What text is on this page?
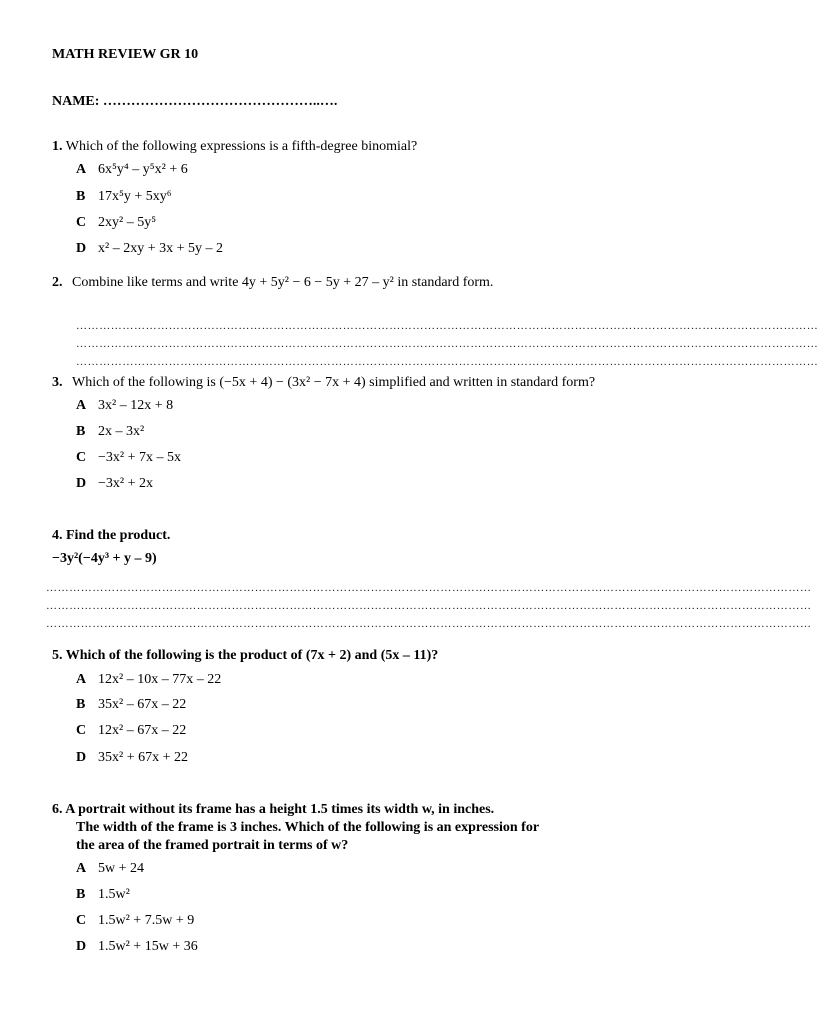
MATH REVIEW GR 10
NAME: ………………………………………..….
1. Which of the following expressions is a fifth-degree binomial?
A 6x⁵y⁴ – y⁵x² + 6
B 17x⁵y + 5xy⁶
C 2xy² – 5y⁵
D x² – 2xy + 3x + 5y – 2
2. Combine like terms and write 4y + 5y² − 6 − 5y + 27 – y² in standard form.
…………………………………………………………………………………………………………………………………………………………………………
…………………………………………………………………………………………………………………………………………………………………………
…………………………………………………………………………………………………………………………………………………………………………
3. Which of the following is (−5x + 4) − (3x² − 7x + 4) simplified and written in standard form?
A 3x² – 12x + 8
B 2x – 3x²
C −3x² + 7x – 5x
D −3x² + 2x
4. Find the product.
−3y²(−4y³ + y – 9)
………………………………………………………………………………………………………………………………………………………………………………
………………………………………………………………………………………………………………………………………………………………………………
………………………………………………………………………………………………………………………………………………………………………………
5. Which of the following is the product of (7x + 2) and (5x – 11)?
A 12x² – 10x – 77x – 22
B 35x² – 67x – 22
C 12x² – 67x – 22
D 35x² + 67x + 22
6. A portrait without its frame has a height 1.5 times its width w, in inches.
The width of the frame is 3 inches. Which of the following is an expression for
the area of the framed portrait in terms of w?
A 5w + 24
B 1.5w²
C 1.5w² + 7.5w + 9
D 1.5w² + 15w + 36
